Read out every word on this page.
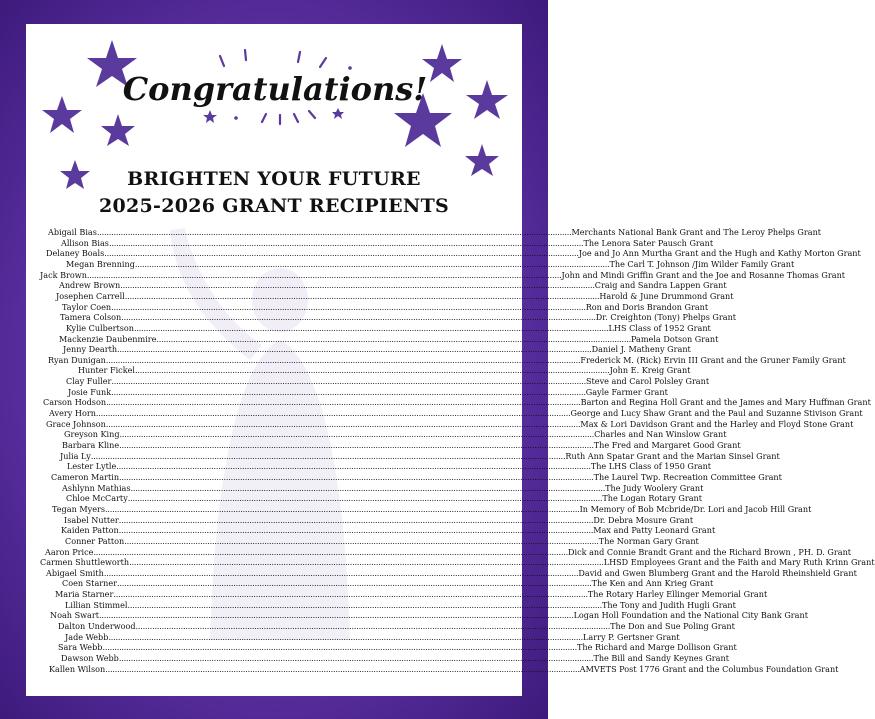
Congratulations!
BRIGHTEN YOUR FUTURE
2025-2026 GRANT RECIPIENTS
Abigail Bias ........................................................................................................................................................................................................ Merchants National Bank Grant and The Leroy Phelps Grant
Allison Bias ........................................................................................................................................................................................................ The Lenora Sater Pausch Grant
Delaney Boals ........................................................................................................................................................................................................ Joe and Jo Ann Murtha Grant and the Hugh and Kathy Morton Grant
Megan Brenning ........................................................................................................................................................................................................ The Carl T. Johnson /Jim Wilder Family Grant
Jack Brown ........................................................................................................................................................................................................ John and Mindi Griffin Grant and the Joe and Rosanne Thomas Grant
Andrew Brown ........................................................................................................................................................................................................ Craig and Sandra Lappen Grant
Josephen Carrell ........................................................................................................................................................................................................ Harold & June Drummond Grant
Taylor Coen ........................................................................................................................................................................................................ Ron and Doris Brandon Grant
Tamera Colson ........................................................................................................................................................................................................ Dr. Creighton (Tony) Phelps Grant
Kylie Culbertson ........................................................................................................................................................................................................ LHS Class of 1952 Grant
Mackenzie Daubenmire ........................................................................................................................................................................................................ Pamela Dotson Grant
Jenny Dearth ........................................................................................................................................................................................................ Daniel J. Matheny Grant
Ryan Dunigan ........................................................................................................................................................................................................ Frederick M. (Rick) Ervin III Grant and the Gruner Family Grant
Hunter Fickel ........................................................................................................................................................................................................ John E. Kreig Grant
Clay Fuller ........................................................................................................................................................................................................ Steve and Carol Polsley Grant
Josie Funk ........................................................................................................................................................................................................ Gayle Farmer Grant
Carson Hodson ........................................................................................................................................................................................................ Barton and Regina Holl Grant and the James and Mary Huffman Grant
Avery Horn ........................................................................................................................................................................................................ George and Lucy Shaw Grant and the Paul and Suzanne Stivison Grant
Grace Johnson ........................................................................................................................................................................................................ Max & Lori Davidson Grant and the Harley and Floyd Stone Grant
Greyson King ........................................................................................................................................................................................................ Charles and Nan Winslow Grant
Barbara Kline ........................................................................................................................................................................................................ The Fred and Margaret Good Grant
Julia Ly ........................................................................................................................................................................................................ Ruth Ann Spatar Grant and the Marian Sinsel Grant
Lester Lytle ........................................................................................................................................................................................................ The LHS Class of 1950 Grant
Cameron Martin ........................................................................................................................................................................................................ The Laurel Twp. Recreation Committee Grant
Ashlynn Mathias ........................................................................................................................................................................................................ The Judy Woolery Grant
Chloe McCarty ........................................................................................................................................................................................................ The Logan Rotary Grant
Tegan Myers ........................................................................................................................................................................................................ In Memory of Bob Mcbride/Dr. Lori and Jacob Hill Grant
Isabel Nutter ........................................................................................................................................................................................................ Dr. Debra Mosure Grant
Kaiden Patton ........................................................................................................................................................................................................ Max and Patty Leonard Grant
Conner Patton ........................................................................................................................................................................................................ The Norman Gary Grant
Aaron Price ........................................................................................................................................................................................................ Dick and Connie Brandt Grant and the Richard Brown , PH. D. Grant
Carmen Shuttleworth ........................................................................................................................................................................................................ LHSD Employees Grant and the Faith and Mary Ruth Krinn Grant
Abigael Smith ........................................................................................................................................................................................................ David and Gwen Blumberg Grant and the Harold Rheinshield Grant
Coen Starner ........................................................................................................................................................................................................ The Ken and Ann Krieg Grant
Maria Starner ........................................................................................................................................................................................................ The Rotary Harley Ellinger Memorial Grant
Lillian Stimmel ........................................................................................................................................................................................................ The Tony and Judith Hugli Grant
Noah Swart ........................................................................................................................................................................................................ Logan Holl Foundation and the National City Bank Grant
Dalton Underwood ........................................................................................................................................................................................................ The Don and Sue Poling Grant
Jade Webb ........................................................................................................................................................................................................ Larry P. Gertsner Grant
Sara Webb ........................................................................................................................................................................................................ The Richard and Marge Dollison Grant
Dawson Webb ........................................................................................................................................................................................................ The Bill and Sandy Keynes Grant
Kallen Wilson ........................................................................................................................................................................................................ AMVETS Post 1776 Grant and the Columbus Foundation Grant
